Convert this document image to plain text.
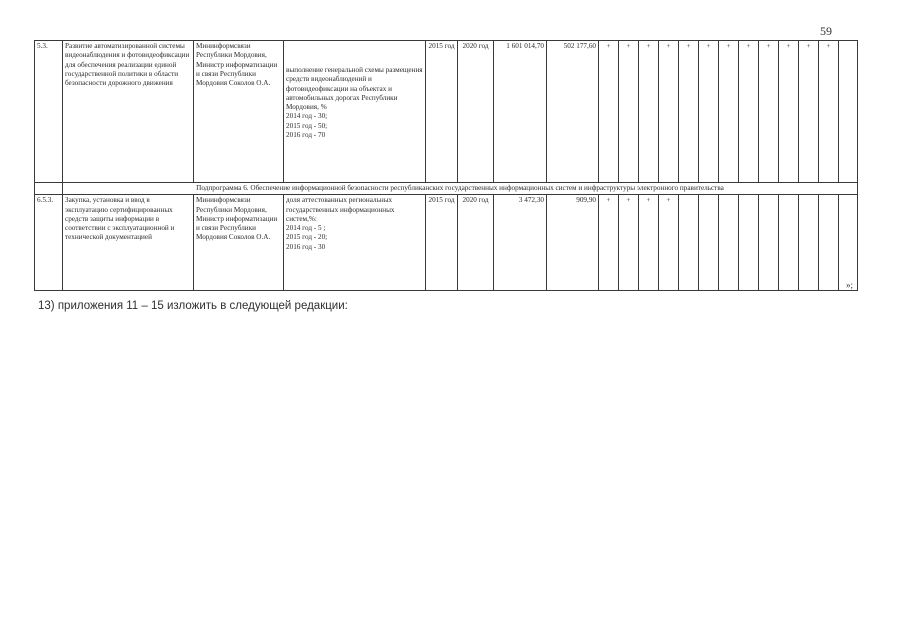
59
5.3.	Развитие автоматизированной системы видеонаблюдения и фотовидеофиксации для обеспечения реализации единой государственной политики в области безопасности дорожного движения	Мининформсвязи Республики Мордовия, Министр информатизации и связи Республики Мордовия Соколов О.А.	выполнение генеральной схемы размещения средств видеонаблюдений и фотовидеофиксации на объектах и автомобильных дорогах Республики Мордовия, %
2014 год - 30;
2015 год - 50;
2016 год - 70	2015 год	2020 год	1 601 014,70	502 177,60	+	+	+	+	+	+	+	+	+	+	+	+	
	Подпрограмма 6. Обеспечение информационной безопасности республиканских государственных информационных систем и инфраструктуры электронного правительства																			
6.5.3.	Закупка, установка и ввод в эксплуатацию сертифицированных средств защиты информации в соответствии с эксплуатационной и технической документацией	Мининформсвязи Республики Мордовия, Министр информатизации и связи Республики Мордовия Соколов О.А.	доля аттестованных региональных государственных информационных систем,%:
2014 год - 5 ;
2015 год - 20;
2016 год - 30	2015 год	2020 год	3 472,30	909,90	+	+	+	+									
»;
13) приложения 11 – 15 изложить в следующей редакции:
